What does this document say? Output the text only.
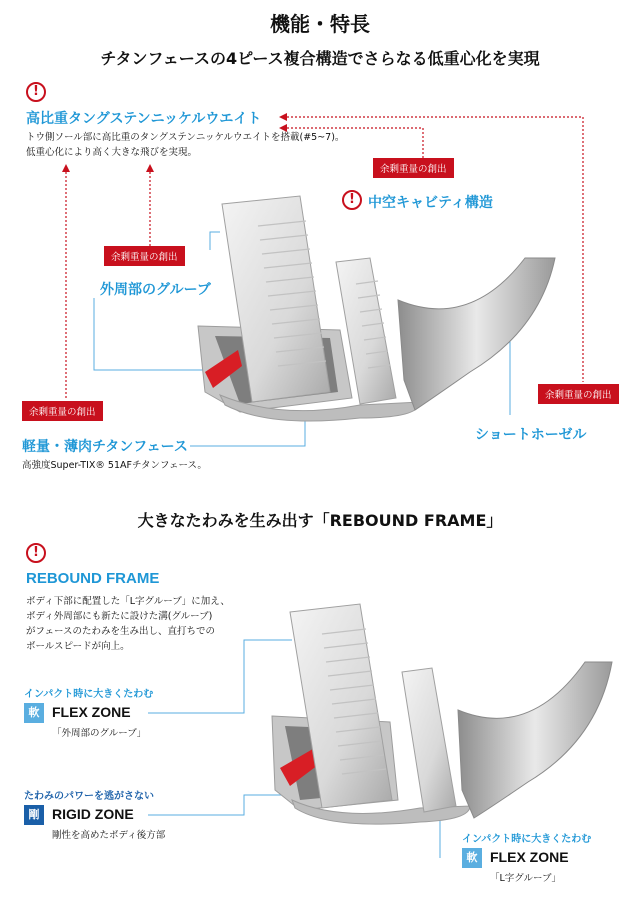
機能・特長
チタンフェースの4ピース複合構造でさらなる低重心化を実現
!
高比重タングステンニッケルウエイト
トウ側ソール部に高比重のタングステンニッケルウエイトを搭載(#5~7)。
低重心化により高く大きな飛びを実現。
余剰重量の創出
! 中空キャビティ構造
余剰重量の創出
外周部のグルーブ
余剰重量の創出
軽量・薄肉チタンフェース
高強度Super-TIX® 51AFチタンフェース。
余剰重量の創出
ショートホーゼル
大きなたわみを生み出す「REBOUND FRAME」
!
REBOUND FRAME
ボディ下部に配置した「L字グルーブ」に加え、
ボディ外周部にも新たに設けた溝(グルーブ)
がフェースのたわみを生み出し、直打ちでの
ボールスピードが向上。
インパクト時に大きくたわむ
軟 FLEX ZONE
「外周部のグルーブ」
たわみのパワーを逃がさない
剛 RIGID ZONE
剛性を高めたボディ後方部	インパクト時に大きくたわむ
軟 FLEX ZONE
「L字グルーブ」
